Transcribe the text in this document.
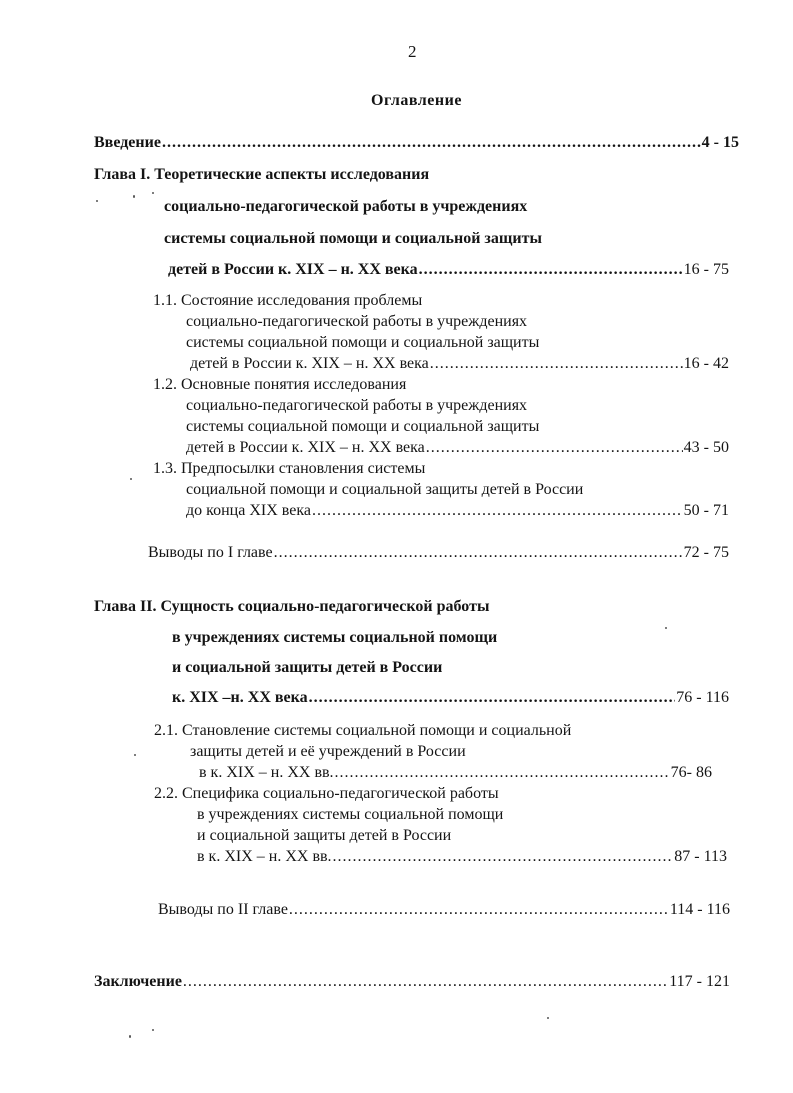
2
Оглавление
Введение .....	4 - 15
Глава I. Теоретические аспекты исследования
социально-педагогической работы в учреждениях
системы социальной помощи и социальной защиты
детей в России к. XIX – н. XX века .....	16 - 75
1.1. Состояние исследования проблемы
социально-педагогической работы в учреждениях
системы социальной помощи и социальной защиты
детей в России к. XIX – н. XX века .....	16 - 42
1.2. Основные понятия исследования
социально-педагогической работы в учреждениях
системы социальной помощи и социальной защиты
детей в России к. XIX – н. XX века .....	43 - 50
1.3. Предпосылки становления системы
социальной помощи и социальной защиты детей в России
до конца XIX века .....	50 - 71
Выводы по I главе .....	72 - 75
Глава II. Сущность социально-педагогической работы
в учреждениях системы социальной помощи
и социальной защиты детей в России
к. XIX –н. XX века .....	76 - 116
2.1. Становление системы социальной помощи и социальной
защиты детей и её учреждений в России
в к. XIX – н. XX вв. .....	76- 86
2.2. Специфика социально-педагогической работы
в учреждениях системы социальной помощи
и социальной защиты детей в России
в к. XIX – н. XX вв. .....	87 - 113
Выводы по II главе .....	114 - 116
Заключение .....	117 - 121
